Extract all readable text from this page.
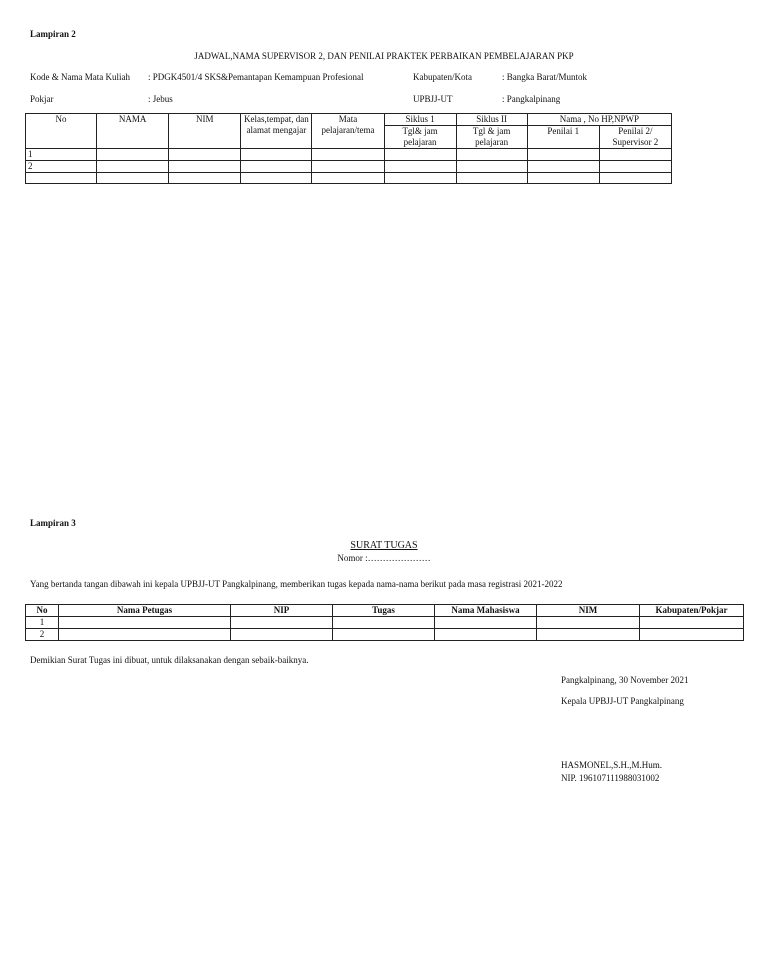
Lampiran 2
JADWAL,NAMA SUPERVISOR 2, DAN PENILAI PRAKTEK PERBAIKAN PEMBELAJARAN PKP
Kode & Nama Mata Kuliah : PDGK4501/4 SKS&Pemantapan Kemampuan Profesional	Kabupaten/Kota	: Bangka Barat/Muntok
Pokjar	: Jebus	UPBJJ-UT	: Pangkalpinang
No	NAMA	NIM	Kelas,tempat, dan alamat mengajar	Mata pelajaran/tema	Siklus 1	Siklus II	Nama , No HP,NPWP	
					Tgl& jam pelajaran	Tgl & jam pelajaran	Penilai 1	Penilai 2/ Supervisor 2
1								
2								

Lampiran 3
SURAT TUGAS
Nomor :…………………
Yang bertanda tangan dibawah ini kepala UPBJJ-UT Pangkalpinang, memberikan tugas kepada nama-nama berikut pada masa registrasi 2021-2022
No	Nama Petugas	NIP	Tugas	Nama Mahasiswa	NIM	Kabupaten/Pokjar
1						
2						
Demikian Surat Tugas ini dibuat, untuk dilaksanakan dengan sebaik-baiknya.
Pangkalpinang, 30 November 2021
Kepala UPBJJ-UT Pangkalpinang
HASMONEL,S.H.,M.Hum.
NIP. 196107111988031002
